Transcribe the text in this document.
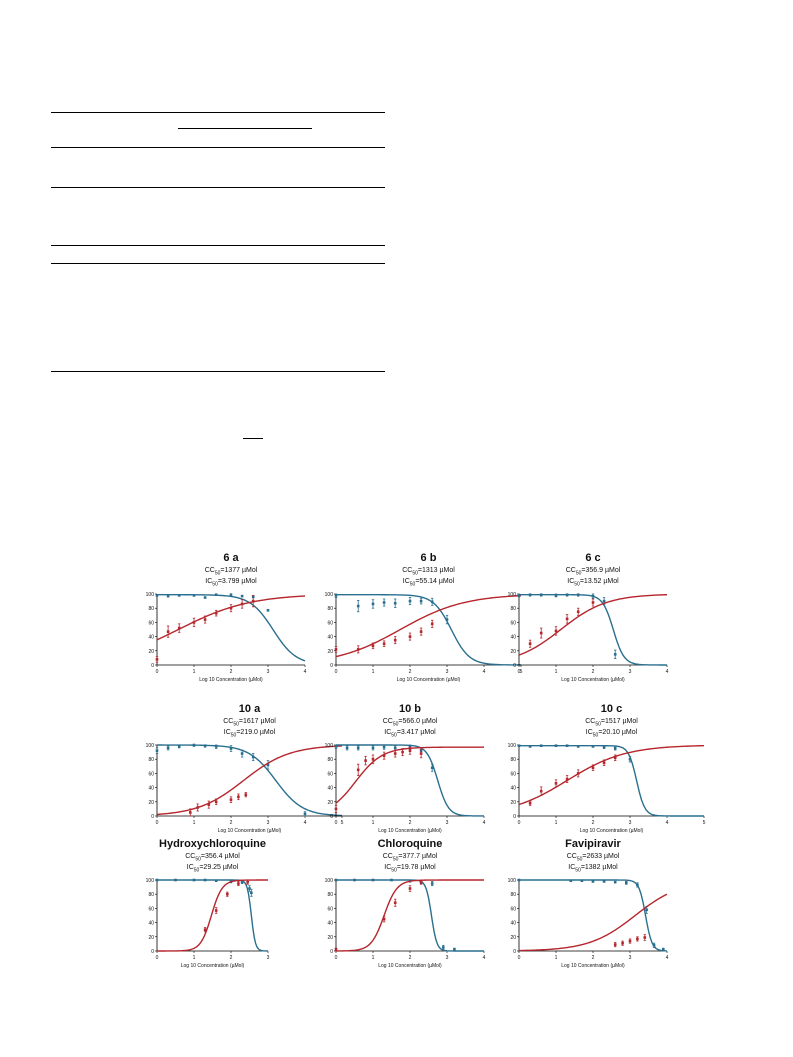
6 a
$CC_{50}=1377$ µMol
$IC_{50}=3.799$ µMol
0
20
40
60
80
100
0	1	2	3	4
Log 10 Concentration (µMol)
6 b
$CC_{50}=1313$ µMol
$IC_{50}=55.14$ µMol
0
20
40
60
80
100
0	1	2	3	4	5
Log 10 Concentration (µMol)
6 c
$CC_{50}=356.9$ µMol
$IC_{50}=13.52$ µMol
0
20
40
60
80
100
0	1	2	3	4
Log 10 Concentration (µMol)
10 a
$CC_{50}=1617$ µMol
$IC_{50}=219.0$ µMol
0
20
40
60
80
100
0	1	2	3	4	5
Log 10 Concentration (µMol)
10 b
$CC_{50}=566.0$ µMol
$IC_{50}=3.417$ µMol
0
20
40
60
80
100
0	1	2	3	4
Log 10 Concentration (µMol)
10 c
$CC_{50}=1517$ µMol
$IC_{50}=20.10$ µMol
0
20
40
60
80
100
0	1	2	3	4	5
Log 10 Concentration (µMol)
Hydroxychloroquine
$CC_{50}=356.4$ µMol
$IC_{50}=29.25$ µMol
0
20
40
60
80
100
0	1	2	3
Log 10 Concentration (µMol)
Chloroquine
$CC_{50}=377.7$ µMol
$IC_{50}=19.78$ µMol
0
20
40
60
80
100
0	1	2	3	4
Log 10 Concentration (µMol)
Favipiravir
$CC_{50}=2633$ µMol
$IC_{50}=1382$ µMol
0
20
40
60
80
100
0	1	2	3	4
Log 10 Concentration (µMol)
